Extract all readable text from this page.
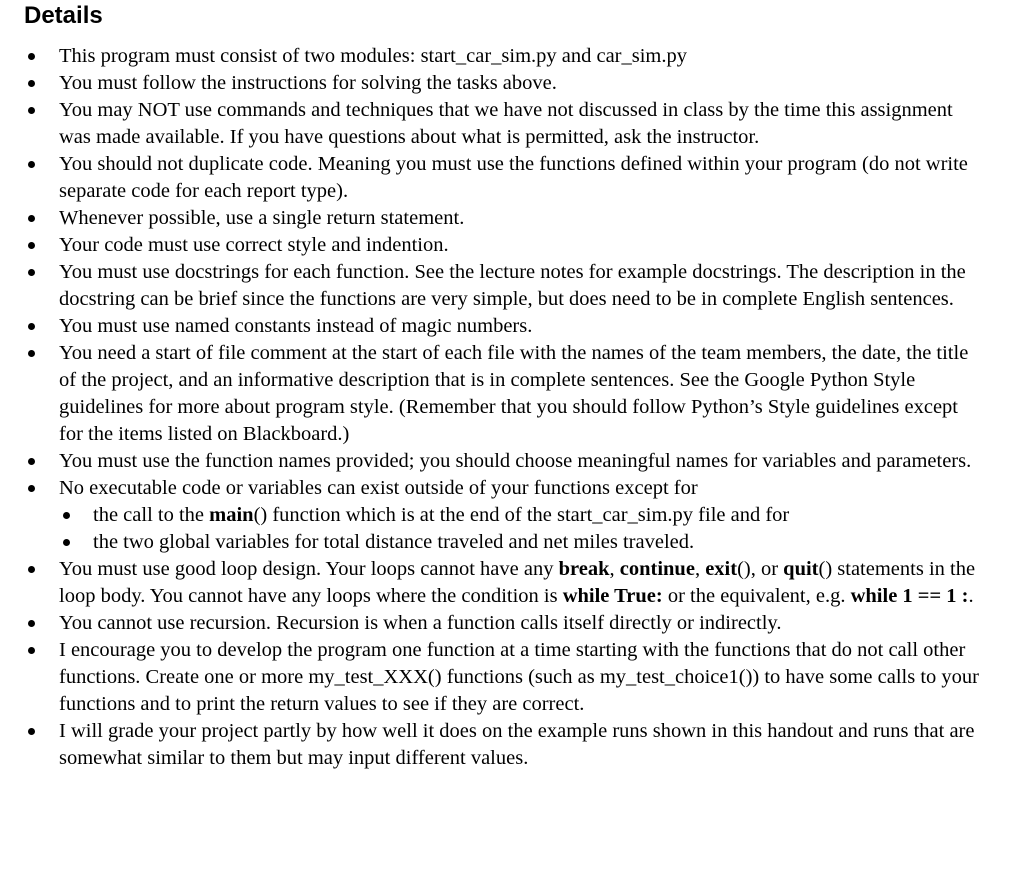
Details
This program must consist of two modules: start_car_sim.py and car_sim.py
You must follow the instructions for solving the tasks above.
You may NOT use commands and techniques that we have not discussed in class by the time this assignment was made available. If you have questions about what is permitted, ask the instructor.
You should not duplicate code. Meaning you must use the functions defined within your program (do not write separate code for each report type).
Whenever possible, use a single return statement.
Your code must use correct style and indention.
You must use docstrings for each function. See the lecture notes for example docstrings. The description in the docstring can be brief since the functions are very simple, but does need to be in complete English sentences.
You must use named constants instead of magic numbers.
You need a start of file comment at the start of each file with the names of the team members, the date, the title of the project, and an informative description that is in complete sentences. See the Google Python Style guidelines for more about program style. (Remember that you should follow Python’s Style guidelines except for the items listed on Blackboard.)
You must use the function names provided; you should choose meaningful names for variables and parameters.
No executable code or variables can exist outside of your functions except for
the call to the main() function which is at the end of the start_car_sim.py file and for
the two global variables for total distance traveled and net miles traveled.
You must use good loop design. Your loops cannot have any break, continue, exit(), or quit() statements in the loop body. You cannot have any loops where the condition is while True: or the equivalent, e.g. while 1 == 1 :.
You cannot use recursion. Recursion is when a function calls itself directly or indirectly.
I encourage you to develop the program one function at a time starting with the functions that do not call other functions. Create one or more my_test_XXX() functions (such as my_test_choice1()) to have some calls to your functions and to print the return values to see if they are correct.
I will grade your project partly by how well it does on the example runs shown in this handout and runs that are somewhat similar to them but may input different values.
